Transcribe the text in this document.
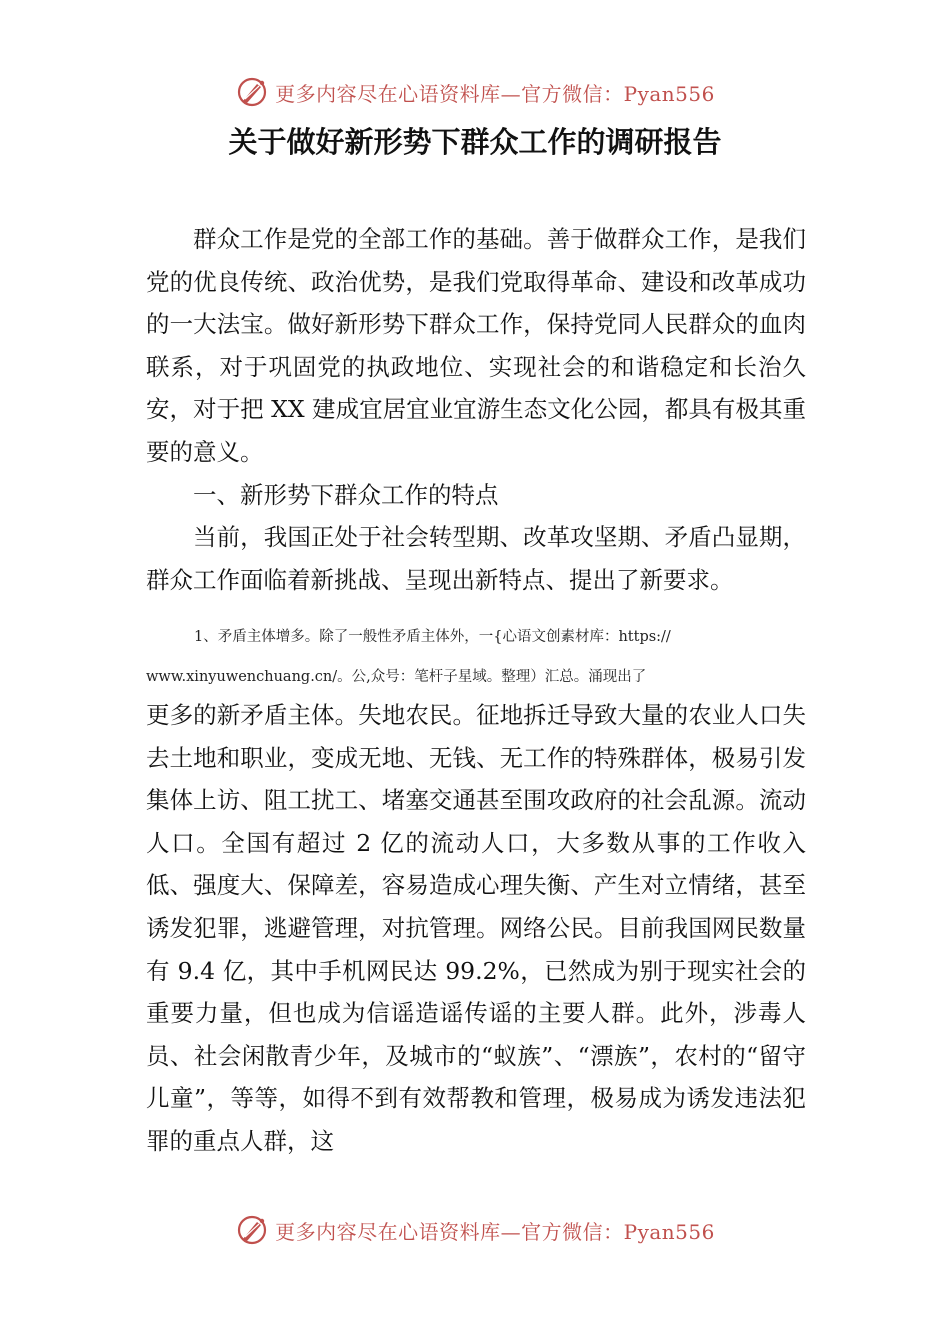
更多内容尽在心语资料库—官方微信：Pyan556
关于做好新形势下群众工作的调研报告

群众工作是党的全部工作的基础。善于做群众工作，是我们党的优良传统、政治优势，是我们党取得革命、建设和改革成功的一大法宝。做好新形势下群众工作，保持党同人民群众的血肉联系，对于巩固党的执政地位、实现社会的和谐稳定和长治久安，对于把 XX 建成宜居宜业宜游生态文化公园，都具有极其重要的意义。

一、新形势下群众工作的特点

当前，我国正处于社会转型期、改革攻坚期、矛盾凸显期，群众工作面临着新挑战、呈现出新特点、提出了新要求。

1、矛盾主体增多。除了一般性矛盾主体外，一{心语文创素材库：https://
www.xinyuwenchuang.cn/。公,众号：笔杆子星域。整理）汇总。涌现出了

更多的新矛盾主体。失地农民。征地拆迁导致大量的农业人口失去土地和职业，变成无地、无钱、无工作的特殊群体，极易引发集体上访、阻工扰工、堵塞交通甚至围攻政府的社会乱源。流动人口。全国有超过 2 亿的流动人口，大多数从事的工作收入低、强度大、保障差，容易造成心理失衡、产生对立情绪，甚至诱发犯罪，逃避管理，对抗管理。网络公民。目前我国网民数量有 9.4 亿，其中手机网民达 99.2%，已然成为别于现实社会的重要力量，但也成为信谣造谣传谣的主要人群。此外，涉毒人员、社会闲散青少年，及城市的“蚁族”、“漂族”，农村的“留守儿童”，等等，如得不到有效帮教和管理，极易成为诱发违法犯罪的重点人群，这

更多内容尽在心语资料库—官方微信：Pyan556
